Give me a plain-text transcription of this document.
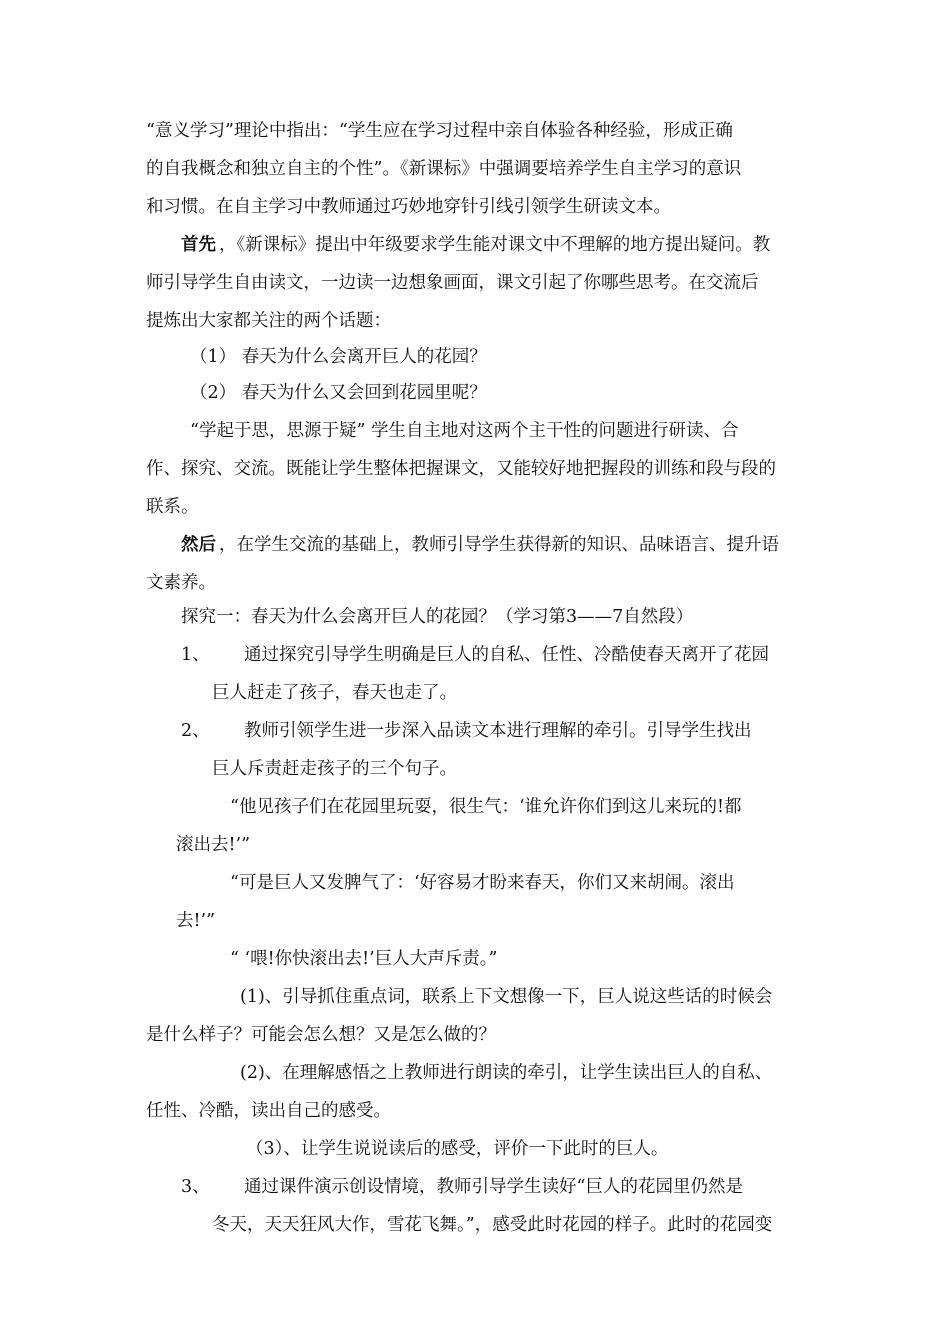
“意义学习”理论中指出：“学生应在学习过程中亲自体验各种经验，形成正确
的自我概念和独立自主的个性”。《新课标》中强调要培养学生自主学习的意识
和习惯。在自主学习中教师通过巧妙地穿针引线引领学生研读文本。
首先 ，《新课标》提出中年级要求学生能对课文中不理解的地方提出疑问。教
师引导学生自由读文，一边读一边想象画面，课文引起了你哪些思考。在交流后
提炼出大家都关注的两个话题：
（1） 春天为什么会离开巨人的花园？
（2） 春天为什么又会回到花园里呢？
“学起于思，思源于疑” 学生自主地对这两个主干性的问题进行研读、合
作、探究、交流。既能让学生整体把握课文，又能较好地把握段的训练和段与段的
联系。
然后 ，在学生交流的基础上，教师引导学生获得新的知识、品味语言、提升语
文素养。
探究一：春天为什么会离开巨人的花园？（学习第3——7自然段）
1、 通过探究引导学生明确是巨人的自私、任性、冷酷使春天离开了花园
巨人赶走了孩子，春天也走了。
2、 教师引领学生进一步深入品读文本进行理解的牵引。引导学生找出
巨人斥责赶走孩子的三个句子。
“他见孩子们在花园里玩耍，很生气：‘谁允许你们到这儿来玩的!都
滚出去!’”
“可是巨人又发脾气了：‘好容易才盼来春天，你们又来胡闹。滚出
去!’”
“ ‘喂!你快滚出去!’巨人大声斥责。”
(1)、引导抓住重点词，联系上下文想像一下，巨人说这些话的时候会
是什么样子？可能会怎么想？又是怎么做的？
(2)、在理解感悟之上教师进行朗读的牵引，让学生读出巨人的自私、
任性、冷酷，读出自己的感受。
（3）、让学生说说读后的感受，评价一下此时的巨人。
3、 通过课件演示创设情境，教师引导学生读好“巨人的花园里仍然是
冬天，天天狂风大作，雪花飞舞。”，感受此时花园的样子。此时的花园变
